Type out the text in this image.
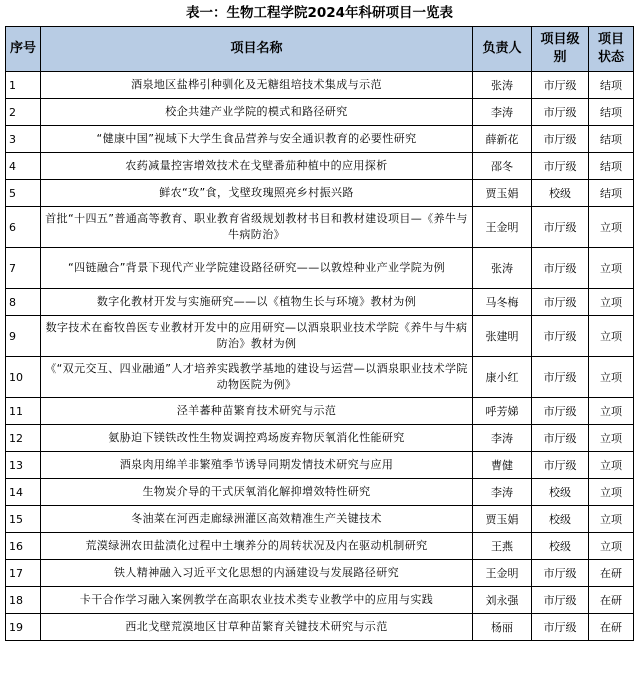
表一：生物工程学院2024年科研项目一览表
序号	项目名称	负责人	项目级别	项目状态
1	酒泉地区盐桦引种驯化及无糖组培技术集成与示范	张涛	市厅级	结项
2	校企共建产业学院的模式和路径研究	李涛	市厅级	结项
3	“健康中国”视域下大学生食品营养与安全通识教育的必要性研究	薛新花	市厅级	结项
4	农药减量控害增效技术在戈壁番茄种植中的应用探析	邵冬	市厅级	结项
5	鲜农“玫”食，戈壁玫瑰照亮乡村振兴路	贾玉娟	校级	结项
6	首批“十四五”普通高等教育、职业教育省级规划教材书目和教材建设项目—《养牛与牛病防治》	王金明	市厅级	立项
7	“四链融合”背景下现代产业学院建设路径研究——以敦煌种业产业学院为例	张涛	市厅级	立项
8	数字化教材开发与实施研究——以《植物生长与环境》教材为例	马冬梅	市厅级	立项
9	数字技术在畜牧兽医专业教材开发中的应用研究—以酒泉职业技术学院《养牛与牛病防治》教材为例	张建明	市厅级	立项
10	《“双元交互、四业融通”人才培养实践教学基地的建设与运营—以酒泉职业技术学院动物医院为例》	康小红	市厅级	立项
11	泾羊蕃种苗繁育技术研究与示范	呼芳娣	市厅级	立项
12	氨胁迫下镁铁改性生物炭调控鸡场废弃物厌氧消化性能研究	李涛	市厅级	立项
13	酒泉肉用绵羊非繁殖季节诱导同期发情技术研究与应用	曹健	市厅级	立项
14	生物炭介导的干式厌氧消化解抑增效特性研究	李涛	校级	立项
15	冬油菜在河西走廊绿洲灌区高效精准生产关键技术	贾玉娟	校级	立项
16	荒漠绿洲农田盐渍化过程中土壤养分的周转状况及内在驱动机制研究	王燕	校级	立项
17	铁人精神融入习近平文化思想的内涵建设与发展路径研究	王金明	市厅级	在研
18	卡干合作学习融入案例教学在高职农业技术类专业教学中的应用与实践	刘永强	市厅级	在研
19	西北戈壁荒漠地区甘草种苗繁育关键技术研究与示范	杨丽	市厅级	在研
